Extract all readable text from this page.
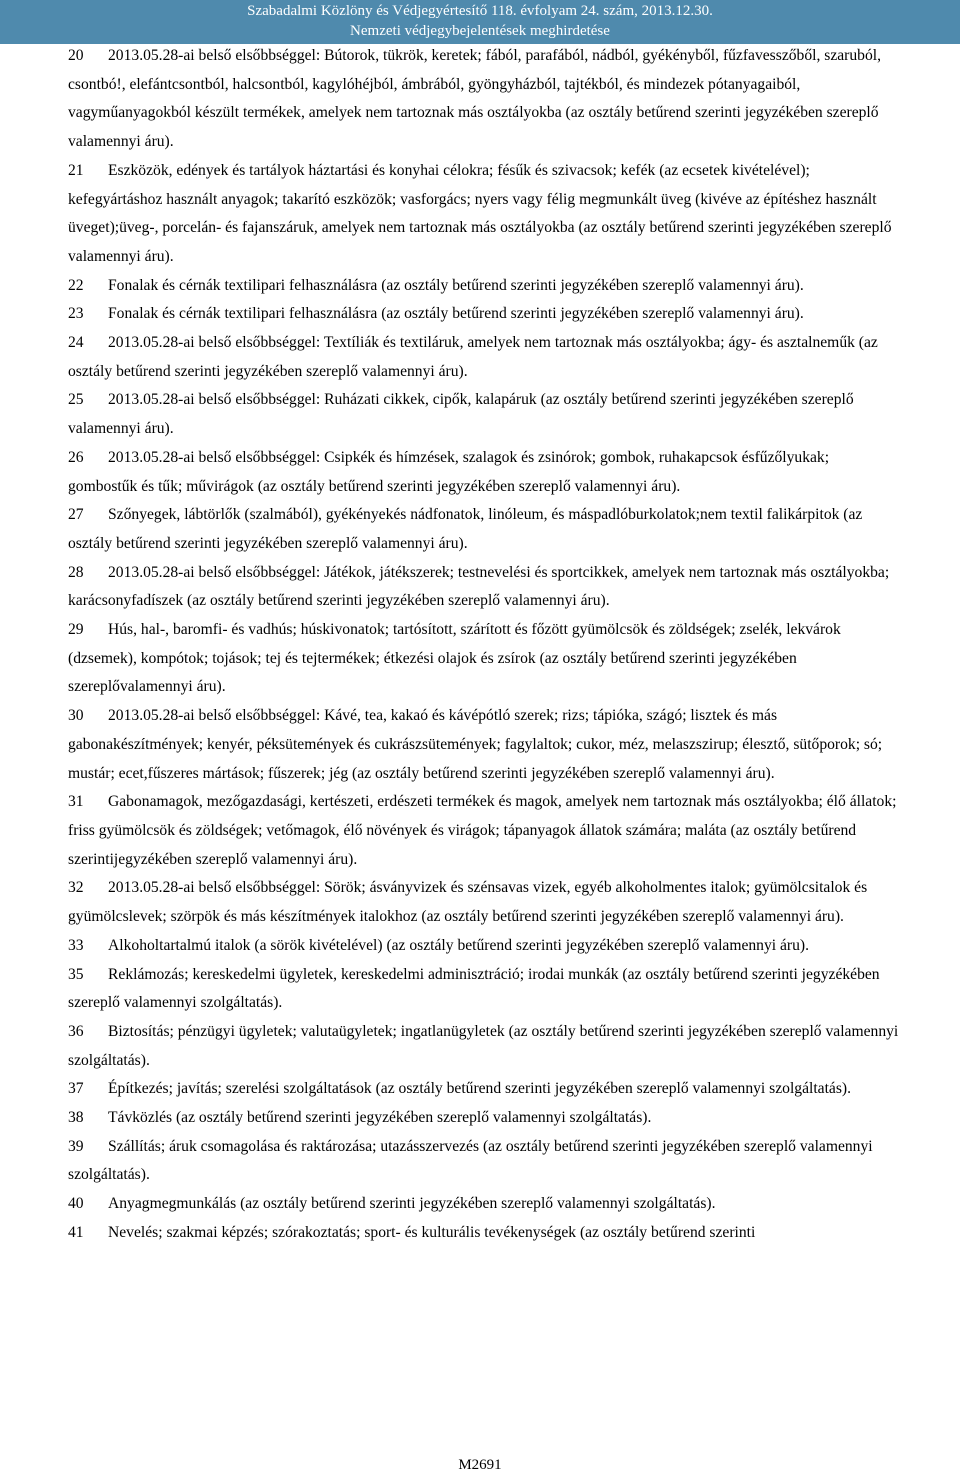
Szabadalmi Közlöny és Védjegyértesítő 118. évfolyam 24. szám, 2013.12.30.
Nemzeti védjegybejelentések meghirdetése

20 2013.05.28-ai belső elsőbbséggel: Bútorok, tükrök, keretek; fából, parafából, nádból, gyékényből, fűzfavesszőből, szaruból, csontbó!, elefántcsontból, halcsontból, kagylóhéjból, ámbrából, gyöngyházból, tajtékból, és mindezek pótanyagaiból, vagyműanyagokból készült termékek, amelyek nem tartoznak más osztályokba (az osztály betűrend szerinti jegyzékében szereplő valamennyi áru).

21 Eszközök, edények és tartályok háztartási és konyhai célokra; fésűk és szivacsok; kefék (az ecsetek kivételével); kefegyártáshoz használt anyagok; takarító eszközök; vasforgács; nyers vagy félig megmunkált üveg (kivéve az építéshez használt üveget);üveg-, porcelán- és fajanszáruk, amelyek nem tartoznak más osztályokba (az osztály betűrend szerinti jegyzékében szereplő valamennyi áru).

22 Fonalak és cérnák textilipari felhasználásra (az osztály betűrend szerinti jegyzékében szereplő valamennyi áru).

23 Fonalak és cérnák textilipari felhasználásra (az osztály betűrend szerinti jegyzékében szereplő valamennyi áru).

24 2013.05.28-ai belső elsőbbséggel: Textíliák és textiláruk, amelyek nem tartoznak más osztályokba; ágy- és asztalneműk (az osztály betűrend szerinti jegyzékében szereplő valamennyi áru).

25 2013.05.28-ai belső elsőbbséggel: Ruházati cikkek, cipők, kalapáruk (az osztály betűrend szerinti jegyzékében szereplő valamennyi áru).

26 2013.05.28-ai belső elsőbbséggel: Csipkék és hímzések, szalagok és zsinórok; gombok, ruhakapcsok ésfűzőlyukak; gombostűk és tűk; művirágok (az osztály betűrend szerinti jegyzékében szereplő valamennyi áru).

27 Szőnyegek, lábtörlők (szalmából), gyékényekés nádfonatok, linóleum, és máspadlóburkolatok;nem textil falikárpitok (az osztály betűrend szerinti jegyzékében szereplő valamennyi áru).

28 2013.05.28-ai belső elsőbbséggel: Játékok, játékszerek; testnevelési és sportcikkek, amelyek nem tartoznak más osztályokba; karácsonyfadíszek (az osztály betűrend szerinti jegyzékében szereplő valamennyi áru).

29 Hús, hal-, baromfi- és vadhús; húskivonatok; tartósított, szárított és főzött gyümölcsök és zöldségek; zselék, lekvárok (dzsemek), kompótok; tojások; tej és tejtermékek; étkezési olajok és zsírok (az osztály betűrend szerinti jegyzékében szereplővalamennyi áru).

30 2013.05.28-ai belső elsőbbséggel: Kávé, tea, kakaó és kávépótló szerek; rizs; tápióka, szágó; lisztek és más gabonakészítmények; kenyér, péksütemények és cukrászsütemények; fagylaltok; cukor, méz, melaszszirup; élesztő, sütőporok; só; mustár; ecet,fűszeres mártások; fűszerek; jég (az osztály betűrend szerinti jegyzékében szereplő valamennyi áru).

31 Gabonamagok, mezőgazdasági, kertészeti, erdészeti termékek és magok, amelyek nem tartoznak más osztályokba; élő állatok; friss gyümölcsök és zöldségek; vetőmagok, élő növények és virágok; tápanyagok állatok számára; maláta (az osztály betűrend szerintijegyzékében szereplő valamennyi áru).

32 2013.05.28-ai belső elsőbbséggel: Sörök; ásványvizek és szénsavas vizek, egyéb alkoholmentes italok; gyümölcsitalok és gyümölcslevek; szörpök és más készítmények italokhoz (az osztály betűrend szerinti jegyzékében szereplő valamennyi áru).

33 Alkoholtartalmú italok (a sörök kivételével) (az osztály betűrend szerinti jegyzékében szereplő valamennyi áru).

35 Reklámozás; kereskedelmi ügyletek, kereskedelmi adminisztráció; irodai munkák (az osztály betűrend szerinti jegyzékében szereplő valamennyi szolgáltatás).

36 Biztosítás; pénzügyi ügyletek; valutaügyletek; ingatlanügyletek (az osztály betűrend szerinti jegyzékében szereplő valamennyi szolgáltatás).

37 Építkezés; javítás; szerelési szolgáltatások (az osztály betűrend szerinti jegyzékében szereplő valamennyi szolgáltatás).

38 Távközlés (az osztály betűrend szerinti jegyzékében szereplő valamennyi szolgáltatás).

39 Szállítás; áruk csomagolása és raktározása; utazásszervezés (az osztály betűrend szerinti jegyzékében szereplő valamennyi szolgáltatás).

40 Anyagmegmunkálás (az osztály betűrend szerinti jegyzékében szereplő valamennyi szolgáltatás).

41 Nevelés; szakmai képzés; szórakoztatás; sport- és kulturális tevékenységek (az osztály betűrend szerinti

M2691
